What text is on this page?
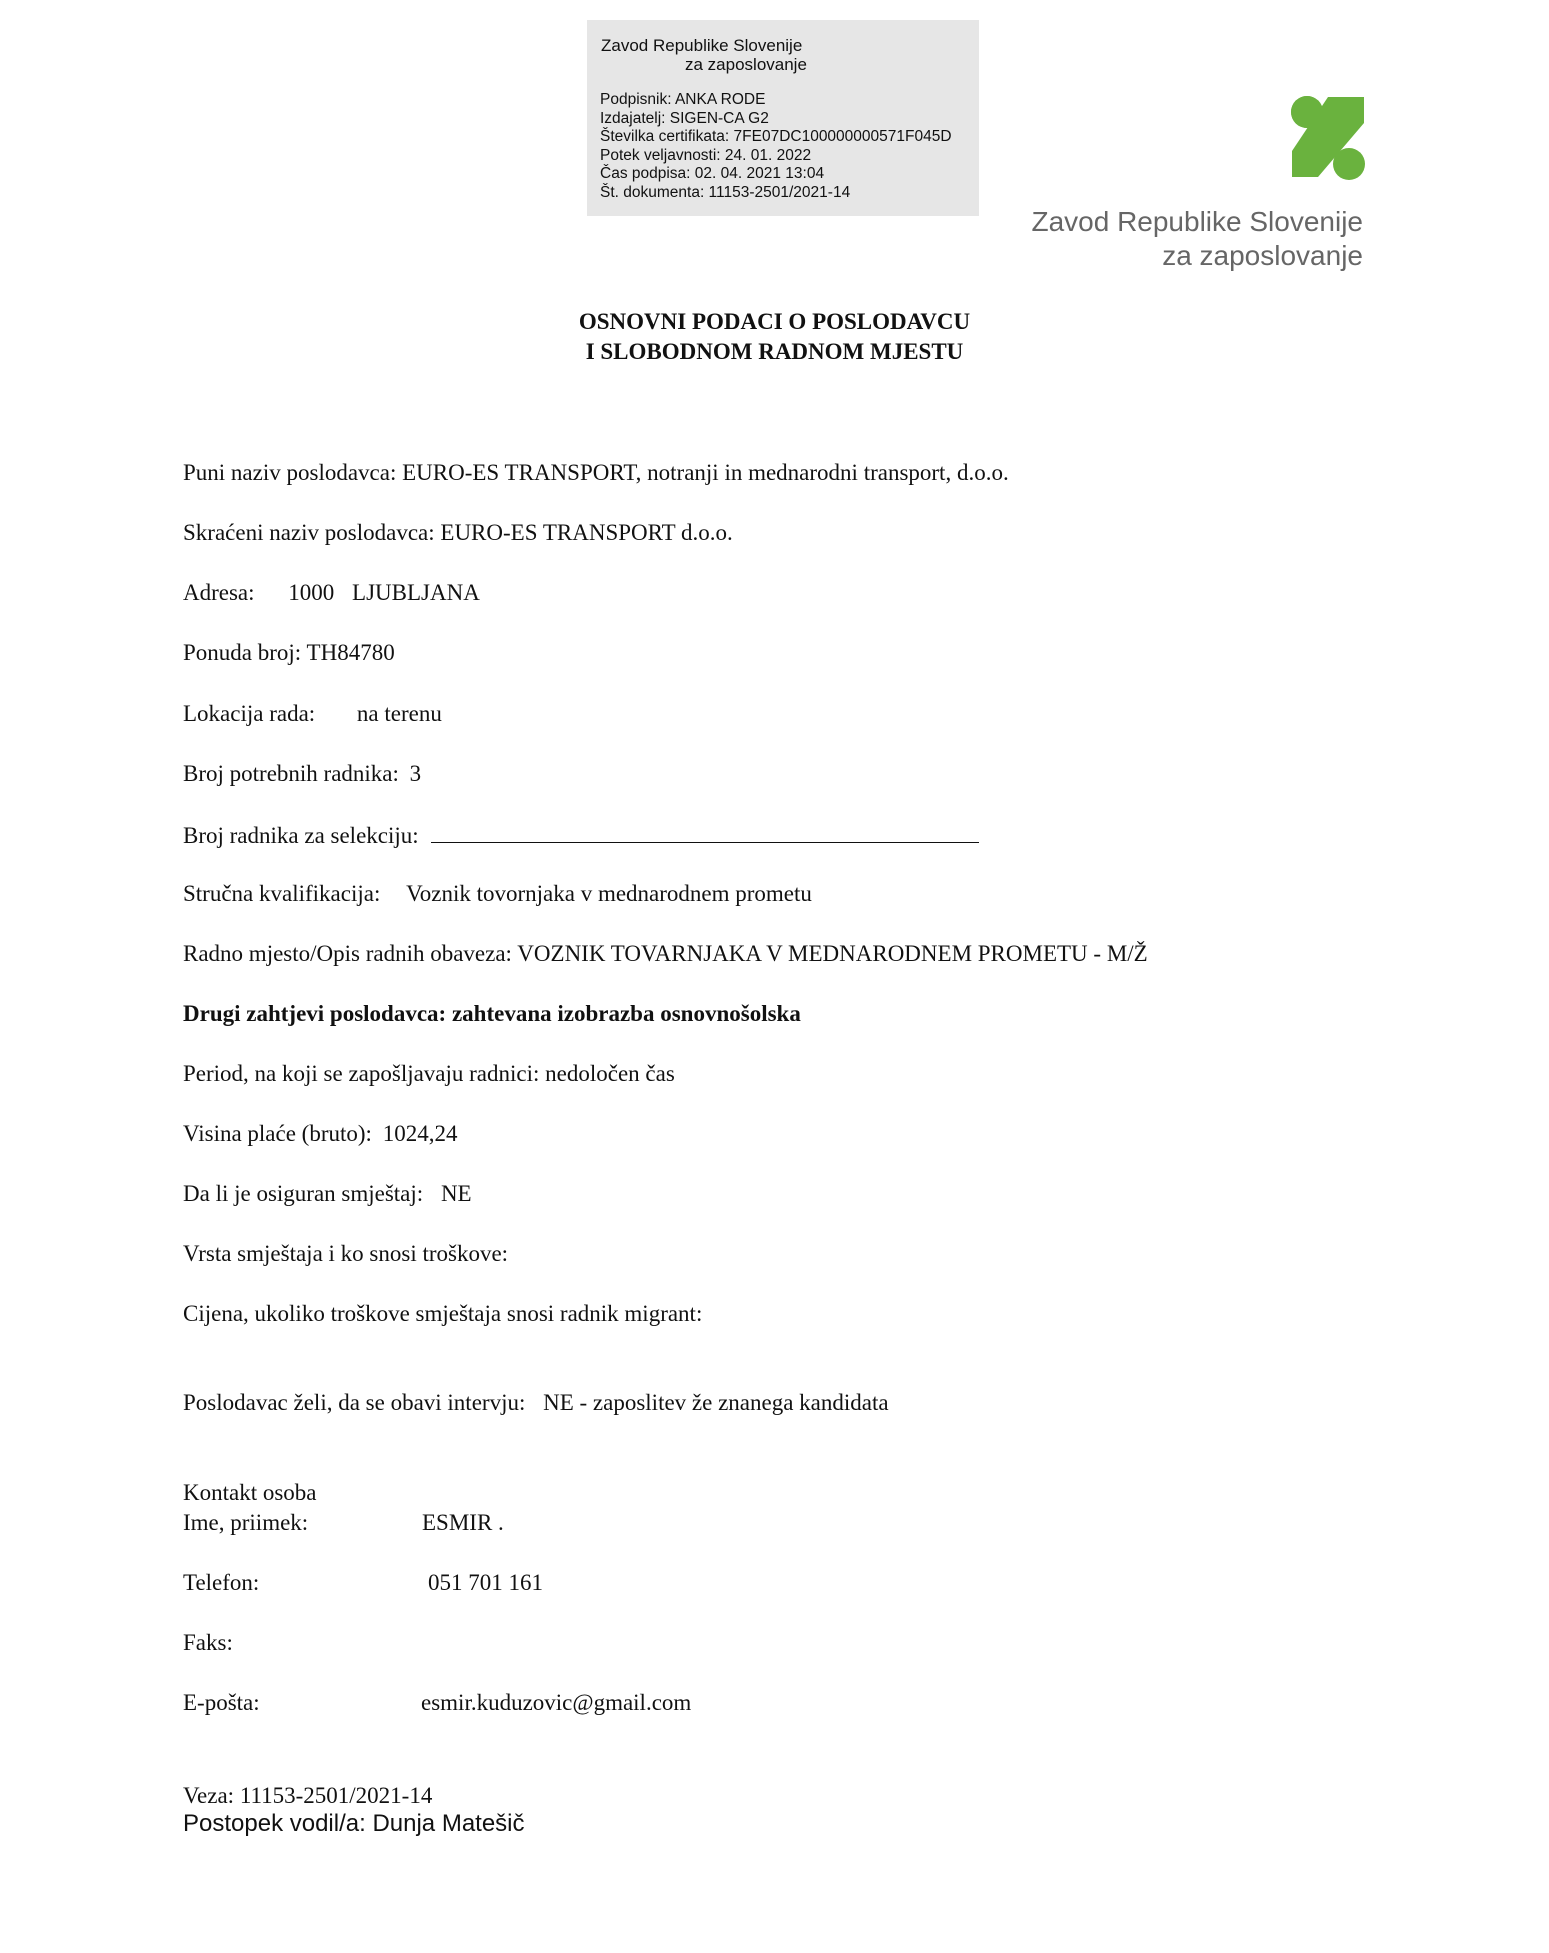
Zavod Republike Slovenije
za zaposlovanje
Podpisnik: ANKA RODE
Izdajatelj: SIGEN-CA G2
Številka certifikata: 7FE07DC100000000571F045D
Potek veljavnosti: 24. 01. 2022
Čas podpisa: 02. 04. 2021 13:04
Št. dokumenta: 11153-2501/2021-14
Zavod Republike Slovenije
za zaposlovanje
OSNOVNI PODACI O POSLODAVCU
I SLOBODNOM RADNOM MJESTU
Puni naziv poslodavca: EURO-ES TRANSPORT, notranji in mednarodni transport, d.o.o.
Skraćeni naziv poslodavca: EURO-ES TRANSPORT d.o.o.
Adresa: 1000 LJUBLJANA
Ponuda broj: TH84780
Lokacija rada: na terenu
Broj potrebnih radnika: 3
Broj radnika za selekciju:
Stručna kvalifikacija: Voznik tovornjaka v mednarodnem prometu
Radno mjesto/Opis radnih obaveza: VOZNIK TOVARNJAKA V MEDNARODNEM PROMETU - M/Ž
Drugi zahtjevi poslodavca: zahtevana izobrazba osnovnošolska
Period, na koji se zapošljavaju radnici: nedoločen čas
Visina plaće (bruto): 1024,24
Da li je osiguran smještaj: NE
Vrsta smještaja i ko snosi troškove:
Cijena, ukoliko troškove smještaja snosi radnik migrant:
Poslodavac želi, da se obavi intervju: NE - zaposlitev že znanega kandidata
Kontakt osoba
Ime, priimek:	ESMIR .
Telefon:	051 701 161
Faks:
E-pošta:	esmir.kuduzovic@gmail.com
Veza: 11153-2501/2021-14
Postopek vodil/a: Dunja Matešič
